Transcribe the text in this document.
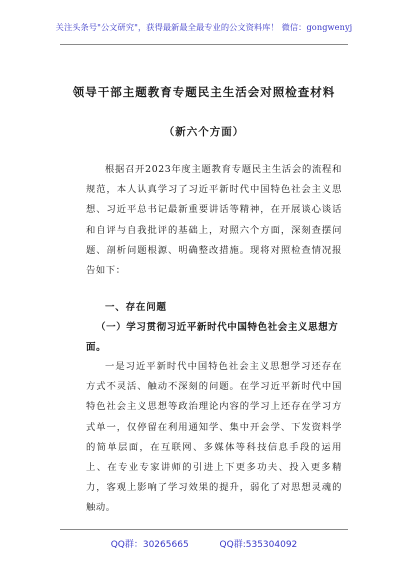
关注头条号"公文研究"，获得最新最全最专业的公文资料库！ 微信：gongwenyj
领导干部主题教育专题民主生活会对照检查材料
（新六个方面）
根据召开2023年度主题教育专题民主生活会的流程和规范，本人认真学习了习近平新时代中国特色社会主义思想、习近平总书记最新重要讲话等精神，在开展谈心谈话和自评与自我批评的基础上，对照六个方面，深刻查摆问题、剖析问题根源、明确整改措施。现将对照检查情况报告如下：
一、存在问题
（一）学习贯彻习近平新时代中国特色社会主义思想方面。
一是习近平新时代中国特色社会主义思想学习还存在方式不灵活、触动不深刻的问题。在学习近平新时代中国特色社会主义思想等政治理论内容的学习上还存在学习方式单一，仅停留在利用通知学、集中开会学、下发资料学的简单层面，在互联网、多媒体等科技信息手段的运用上、在专业专家讲师的引进上下更多功夫、投入更多精力，客观上影响了学习效果的提升，弱化了对思想灵魂的触动。
QQ群：30265665	QQ群:535304092
